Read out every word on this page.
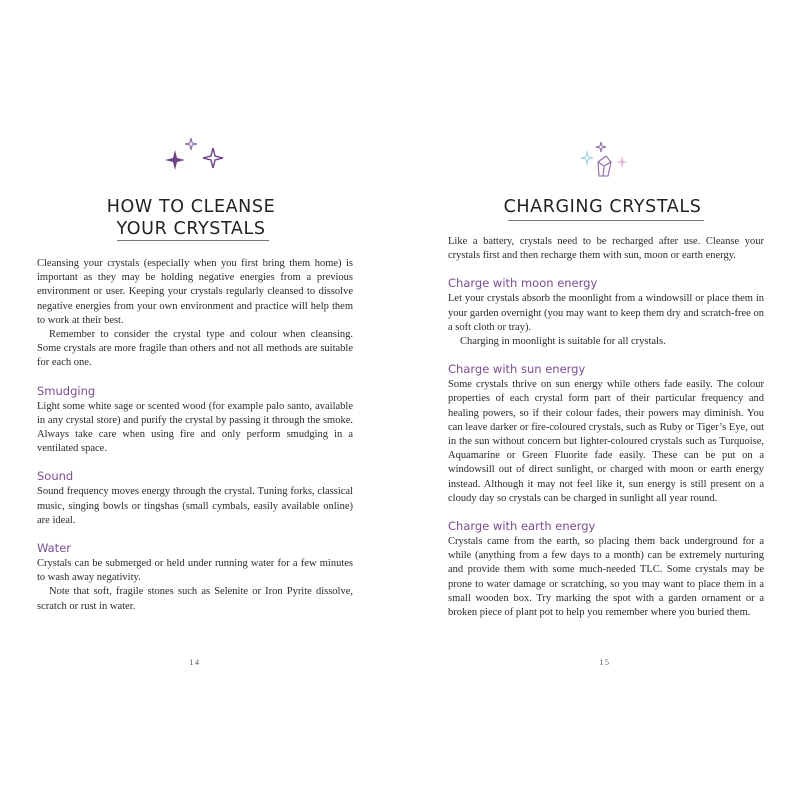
HOW TO CLEANSE YOUR CRYSTALS

Cleansing your crystals (especially when you first bring them home) is important as they may be holding negative energies from a previous environment or user. Keeping your crystals regularly cleansed to dissolve negative energies from your own environment and practice will help them to work at their best.

Remember to consider the crystal type and colour when cleansing. Some crystals are more fragile than others and not all methods are suitable for each one.

Smudging

Light some white sage or scented wood (for example palo santo, available in any crystal store) and purify the crystal by passing it through the smoke. Always take care when using fire and only perform smudging in a ventilated space.

Sound

Sound frequency moves energy through the crystal. Tuning forks, classical music, singing bowls or tingshas (small cymbals, easily available online) are ideal.

Water

Crystals can be submerged or held under running water for a few minutes to wash away negativity.

Note that soft, fragile stones such as Selenite or Iron Pyrite dissolve, scratch or rust in water.

14
CHARGING CRYSTALS

Like a battery, crystals need to be recharged after use. Cleanse your crystals first and then recharge them with sun, moon or earth energy.

Charge with moon energy

Let your crystals absorb the moonlight from a windowsill or place them in your garden overnight (you may want to keep them dry and scratch-free on a soft cloth or tray).

Charging in moonlight is suitable for all crystals.

Charge with sun energy

Some crystals thrive on sun energy while others fade easily. The colour properties of each crystal form part of their particular frequency and healing powers, so if their colour fades, their powers may diminish. You can leave darker or fire-coloured crystals, such as Ruby or Tiger’s Eye, out in the sun without concern but lighter-coloured crystals such as Turquoise, Aquamarine or Green Fluorite fade easily. These can be put on a windowsill out of direct sunlight, or charged with moon or earth energy instead. Although it may not feel like it, sun energy is still present on a cloudy day so crystals can be charged in sunlight all year round.

Charge with earth energy

Crystals came from the earth, so placing them back underground for a while (anything from a few days to a month) can be extremely nurturing and provide them with some much-needed TLC. Some crystals may be prone to water damage or scratching, so you may want to place them in a small wooden box. Try marking the spot with a garden ornament or a broken piece of plant pot to help you remember where you buried them.

15
